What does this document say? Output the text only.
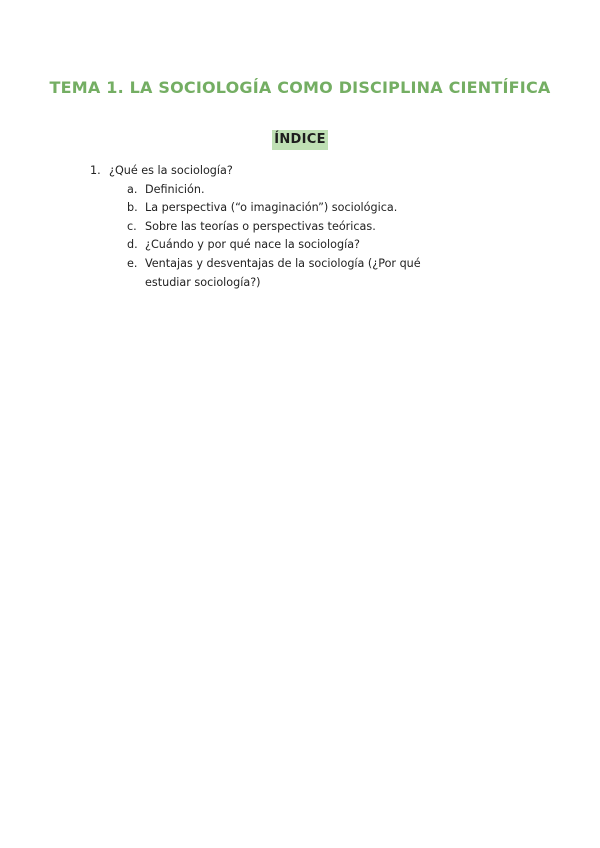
TEMA 1. LA SOCIOLOGÍA COMO DISCIPLINA CIENTÍFICA
ÍNDICE
1. ¿Qué es la sociología?
a. Definición.
b. La perspectiva (“o imaginación”) sociológica.
c. Sobre las teorías o perspectivas teóricas.
d. ¿Cuándo y por qué nace la sociología?
e. Ventajas y desventajas de la sociología (¿Por qué estudiar sociología?)
